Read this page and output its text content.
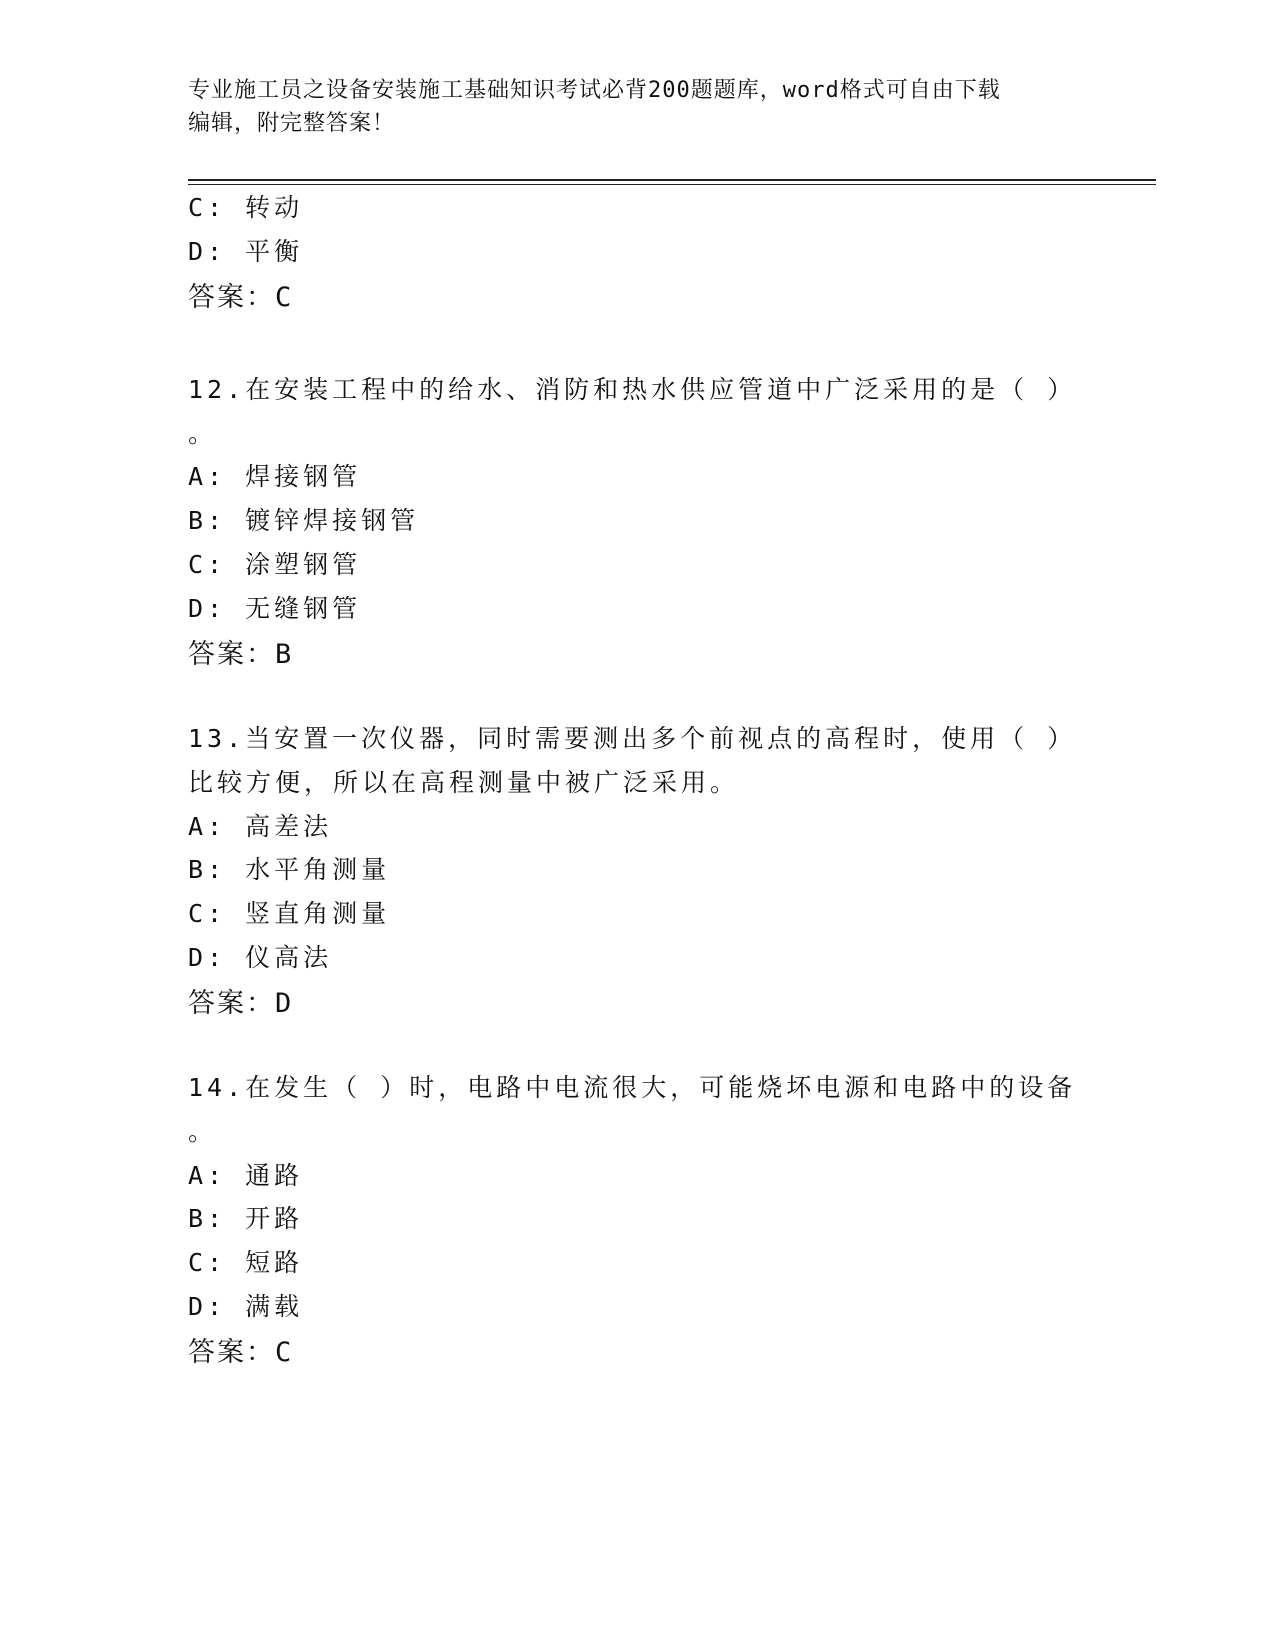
专业施工员之设备安装施工基础知识考试必背200题题库，word格式可自由下载
编辑，附完整答案！
C: 转动
D: 平衡
答案：C
12.在安装工程中的给水、消防和热水供应管道中广泛采用的是（ ）
。
A: 焊接钢管
B: 镀锌焊接钢管
C: 涂塑钢管
D: 无缝钢管
答案：B
13.当安置一次仪器，同时需要测出多个前视点的高程时，使用（ ）
比较方便，所以在高程测量中被广泛采用。
A: 高差法
B: 水平角测量
C: 竖直角测量
D: 仪高法
答案：D
14.在发生（ ）时，电路中电流很大，可能烧坏电源和电路中的设备
。
A: 通路
B: 开路
C: 短路
D: 满载
答案：C
